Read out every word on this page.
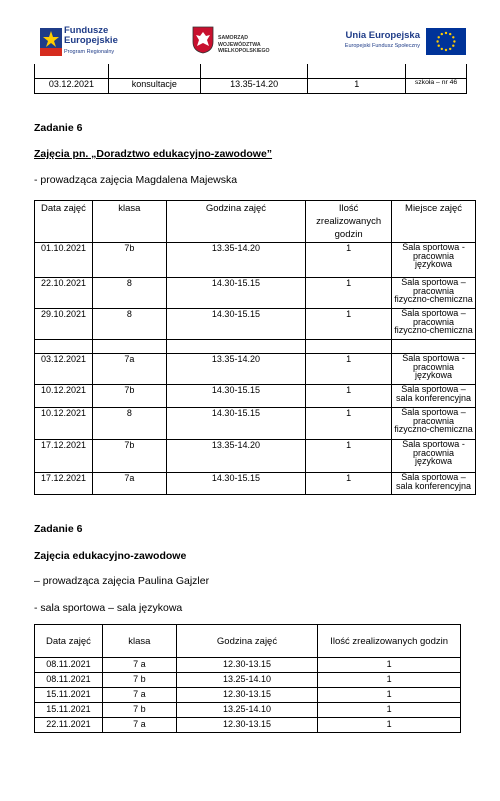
Fundusze
Europejskie
Program Regionalny
SAMORZĄD WOJEWÓDZTWA
WIELKOPOLSKIEGO
Unia Europejska
Europejski Fundusz Społeczny

03.12.2021	konsultacje	13.35-14.20	1	szkoła – nr 46
Zadanie 6
Zajęcia pn. „Doradztwo edukacyjno-zawodowe”
- prowadząca zajęcia Magdalena Majewska
Data zajęć	klasa	Godzina zajęć	Ilość zrealizowanych godzin	Miejsce zajęć
01.10.2021	7b	13.35-14.20	1	Sala sportowa - pracownia językowa
22.10.2021	8	14.30-15.15	1	Sala sportowa – pracownia fizyczno-chemiczna
29.10.2021	8	14.30-15.15	1	Sala sportowa – pracownia fizyczno-chemiczna

03.12.2021	7a	13.35-14.20	1	Sala sportowa - pracownia językowa
10.12.2021	7b	14.30-15.15	1	Sala sportowa – sala konferencyjna
10.12.2021	8	14.30-15.15	1	Sala sportowa – pracownia fizyczno-chemiczna
17.12.2021	7b	13.35-14.20	1	Sala sportowa - pracownia językowa
17.12.2021	7a	14.30-15.15	1	Sala sportowa – sala konferencyjna
Zadanie 6
Zajęcia edukacyjno-zawodowe
– prowadząca zajęcia Paulina Gajzler
- sala sportowa – sala językowa
Data zajęć	klasa	Godzina zajęć	Ilość zrealizowanych godzin
08.11.2021	7 a	12.30-13.15	1
08.11.2021	7 b	13.25-14.10	1
15.11.2021	7 a	12.30-13.15	1
15.11.2021	7 b	13.25-14.10	1
22.11.2021	7 a	12.30-13.15	1
